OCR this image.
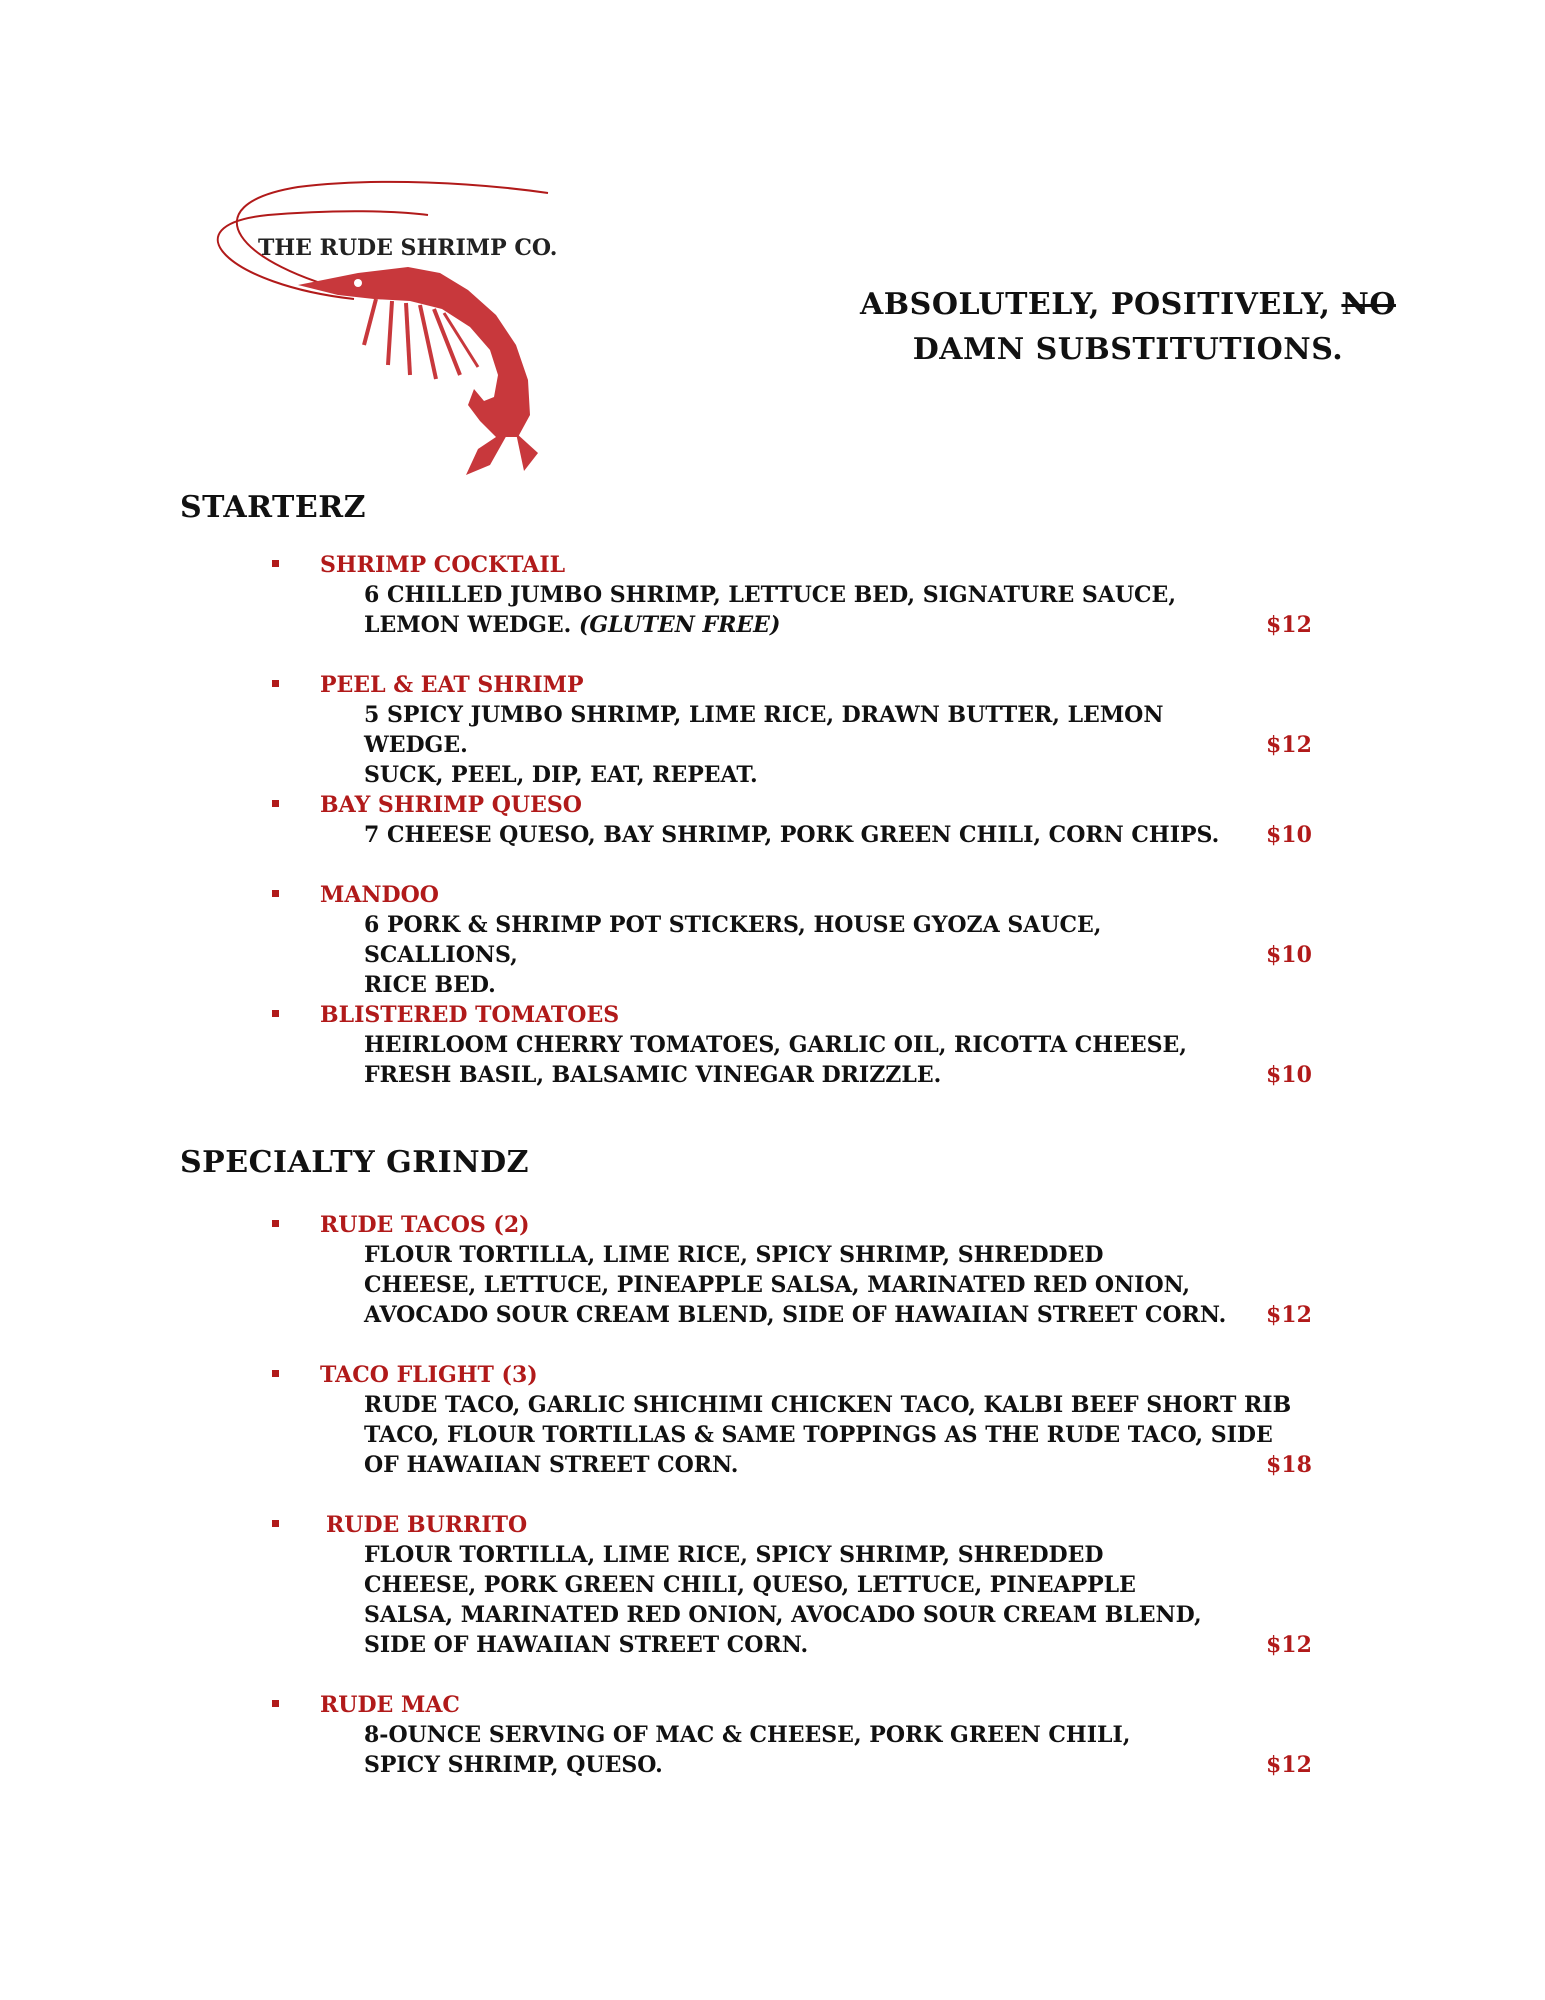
THE RUDE SHRIMP CO.
ABSOLUTELY, POSITIVELY, NO
DAMN SUBSTITUTIONS.
STARTERZ
SHRIMP COCKTAIL
6 CHILLED JUMBO SHRIMP, LETTUCE BED, SIGNATURE SAUCE,
LEMON WEDGE. (GLUTEN FREE)	$12
PEEL & EAT SHRIMP
5 SPICY JUMBO SHRIMP, LIME RICE, DRAWN BUTTER, LEMON WEDGE.
SUCK, PEEL, DIP, EAT, REPEAT.
$12
BAY SHRIMP QUESO
7 CHEESE QUESO, BAY SHRIMP, PORK GREEN CHILI, CORN CHIPS.	$10
MANDOO
6 PORK & SHRIMP POT STICKERS, HOUSE GYOZA SAUCE, SCALLIONS,
RICE BED.
$10
BLISTERED TOMATOES
HEIRLOOM CHERRY TOMATOES, GARLIC OIL, RICOTTA CHEESE,
FRESH BASIL, BALSAMIC VINEGAR DRIZZLE.	$10
SPECIALTY GRINDZ
RUDE TACOS (2)
FLOUR TORTILLA, LIME RICE, SPICY SHRIMP, SHREDDED
CHEESE, LETTUCE, PINEAPPLE SALSA, MARINATED RED ONION,
AVOCADO SOUR CREAM BLEND, SIDE OF HAWAIIAN STREET CORN.	$12
TACO FLIGHT (3)
RUDE TACO, GARLIC SHICHIMI CHICKEN TACO, KALBI BEEF SHORT RIB
TACO, FLOUR TORTILLAS & SAME TOPPINGS AS THE RUDE TACO, SIDE
OF HAWAIIAN STREET CORN.	$18
RUDE BURRITO
FLOUR TORTILLA, LIME RICE, SPICY SHRIMP, SHREDDED
CHEESE, PORK GREEN CHILI, QUESO, LETTUCE, PINEAPPLE
SALSA, MARINATED RED ONION, AVOCADO SOUR CREAM BLEND,
SIDE OF HAWAIIAN STREET CORN.	$12
RUDE MAC
8-OUNCE SERVING OF MAC & CHEESE, PORK GREEN CHILI,
SPICY SHRIMP, QUESO.	$12
